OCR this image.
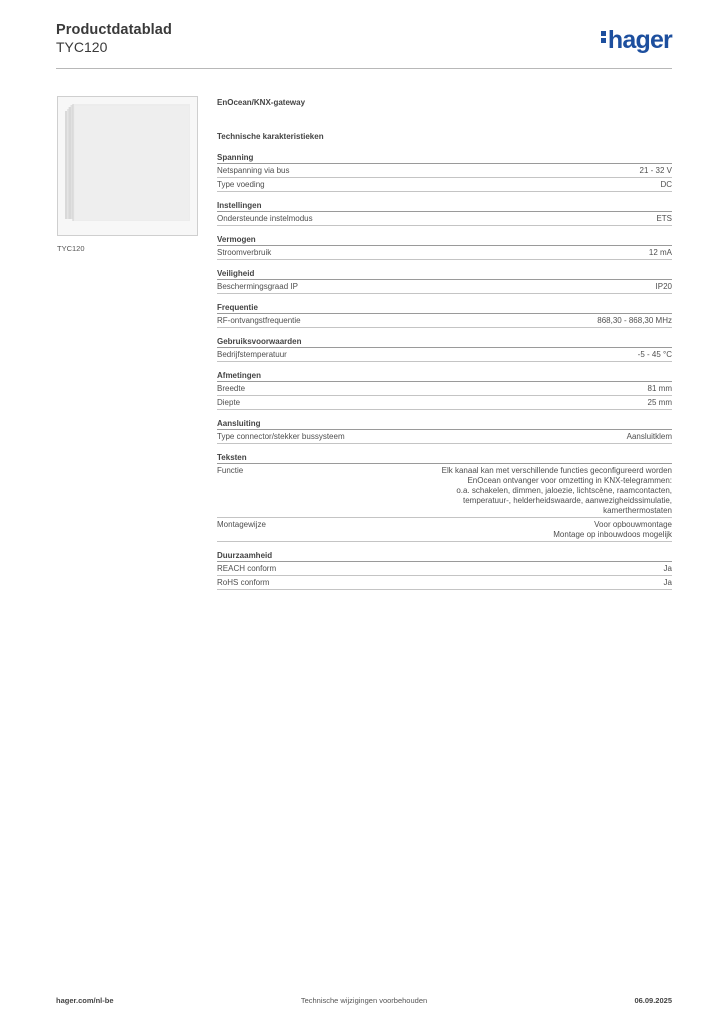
Productdatablad
TYC120	hager
TYC120
EnOcean/KNX-gateway
Technische karakteristieken
Spanning
Netspanning via bus	21 - 32 V
Type voeding	DC
Instellingen
Ondersteunde instelmodus	ETS
Vermogen
Stroomverbruik	12 mA
Veiligheid
Beschermingsgraad IP	IP20
Frequentie
RF-ontvangstfrequentie	868,30 - 868,30 MHz
Gebruiksvoorwaarden
Bedrijfstemperatuur	-5 - 45 °C
Afmetingen
Breedte	81 mm
Diepte	25 mm
Aansluiting
Type connector/stekker bussysteem	Aansluitklem
Teksten
Functie	Elk kanaal kan met verschillende functies geconfigureerd worden
EnOcean ontvanger voor omzetting in KNX-telegrammen:
o.a. schakelen, dimmen, jaloezie, lichtscène, raamcontacten,
temperatuur-, helderheidswaarde, aanwezigheidssimulatie,
kamerthermostaten
Montagewijze	Voor opbouwmontage
Montage op inbouwdoos mogelijk
Duurzaamheid
REACH conform	Ja
RoHS conform	Ja
hager.com/nl-be	Technische wijzigingen voorbehouden	06.09.2025
